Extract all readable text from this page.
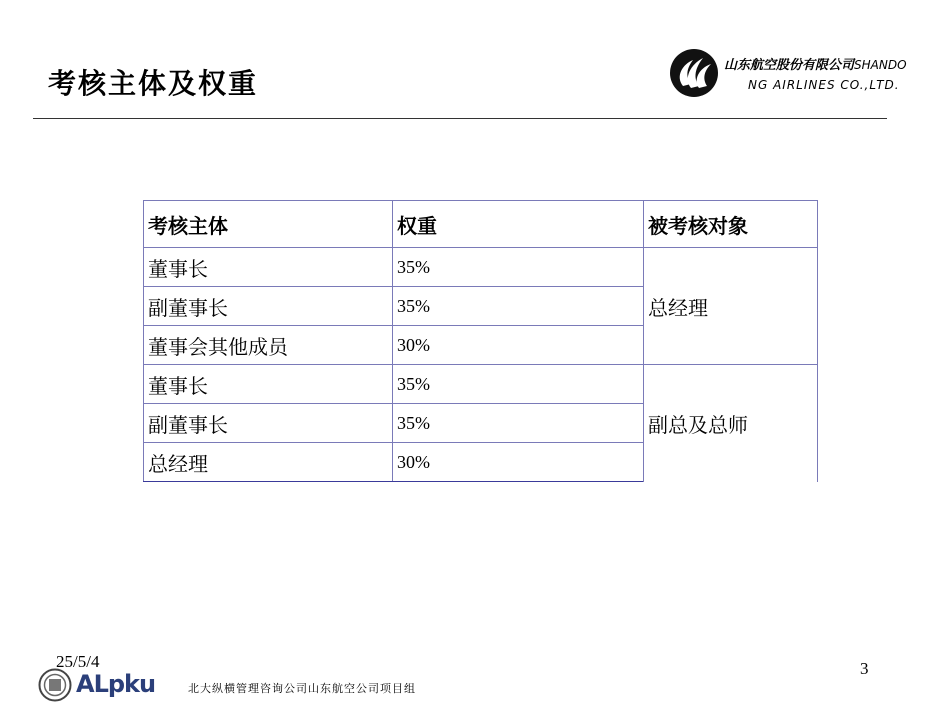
考核主体及权重
山东航空股份有限公司SHANDO
NG AIRLINES CO.,LTD.
考核主体	权重	被考核对象
董事长	35%	总经理
副董事长	35%	
董事会其他成员	30%	
董事长	35%	副总及总师
副董事长	35%	
总经理	30%	
25/5/4	3
ALpku	北大纵横管理咨询公司山东航空公司项目组
